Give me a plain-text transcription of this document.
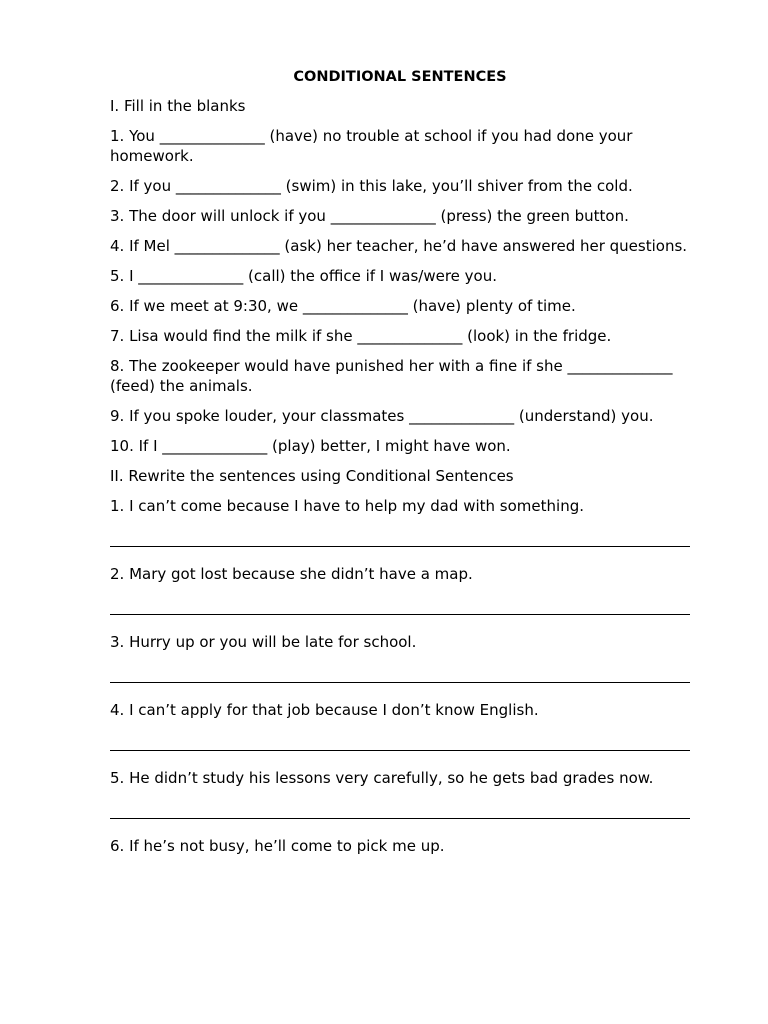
CONDITIONAL SENTENCES
I. Fill in the blanks
1. You ______________ (have) no trouble at school if you had done your homework.
2. If you ______________ (swim) in this lake, you’ll shiver from the cold.
3. The door will unlock if you ______________ (press) the green button.
4. If Mel ______________ (ask) her teacher, he’d have answered her questions.
5. I ______________ (call) the office if I was/were you.
6. If we meet at 9:30, we ______________ (have) plenty of time.
7. Lisa would find the milk if she ______________ (look) in the fridge.
8. The zookeeper would have punished her with a fine if she ______________ (feed) the animals.
9. If you spoke louder, your classmates ______________ (understand) you.
10. If I ______________ (play) better, I might have won.
II. Rewrite the sentences using Conditional Sentences
1. I can’t come because I have to help my dad with something.
2. Mary got lost because she didn’t have a map.
3. Hurry up or you will be late for school.
4. I can’t apply for that job because I don’t know English.
5. He didn’t study his lessons very carefully, so he gets bad grades now.
6. If he’s not busy, he’ll come to pick me up.
